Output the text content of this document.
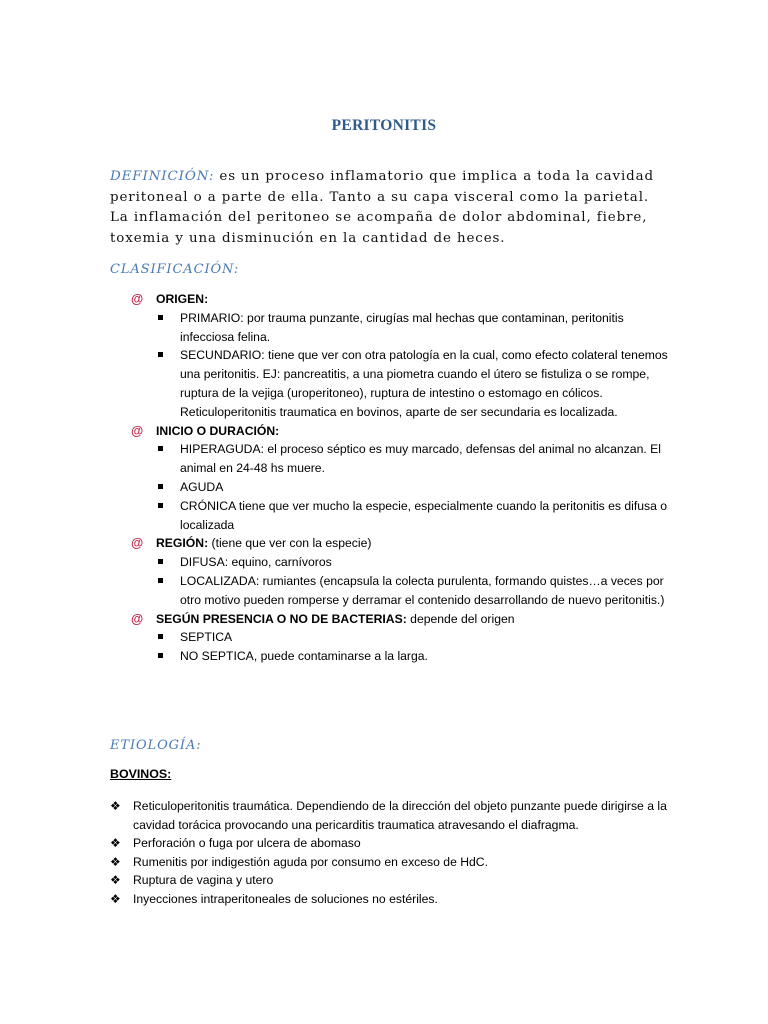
PERITONITIS
DEFINICIÓN: es un proceso inflamatorio que implica a toda la cavidad peritoneal o a parte de ella. Tanto a su capa visceral como la parietal. La inflamación del peritoneo se acompaña de dolor abdominal, fiebre, toxemia y una disminución en la cantidad de heces.
CLASIFICACIÓN:
@ ORIGEN:
PRIMARIO: por trauma punzante, cirugías mal hechas que contaminan, peritonitis infecciosa felina.
SECUNDARIO: tiene que ver con otra patología en la cual, como efecto colateral tenemos una peritonitis. EJ: pancreatitis, a una piometra cuando el útero se fistuliza o se rompe, ruptura de la vejiga (uroperitoneo), ruptura de intestino o estomago en cólicos. Reticuloperitonitis traumatica en bovinos, aparte de ser secundaria es localizada.
@ INICIO O DURACIÓN:
HIPERAGUDA: el proceso séptico es muy marcado, defensas del animal no alcanzan. El animal en 24-48 hs muere.
AGUDA
CRÓNICA tiene que ver mucho la especie, especialmente cuando la peritonitis es difusa o localizada
@ REGIÓN: (tiene que ver con la especie)
DIFUSA: equino, carnívoros
LOCALIZADA: rumiantes (encapsula la colecta purulenta, formando quistes…a veces por otro motivo pueden romperse y derramar el contenido desarrollando de nuevo peritonitis.)
@ SEGÚN PRESENCIA O NO DE BACTERIAS: depende del origen
SEPTICA
NO SEPTICA, puede contaminarse a la larga.
ETIOLOGÍA:
BOVINOS:
❖ Reticuloperitonitis traumática. Dependiendo de la dirección del objeto punzante puede dirigirse a la cavidad torácica provocando una pericarditis traumatica atravesando el diafragma.
❖ Perforación o fuga por ulcera de abomaso
❖ Rumenitis por indigestión aguda por consumo en exceso de HdC.
❖ Ruptura de vagina y utero
❖ Inyecciones intraperitoneales de soluciones no estériles.
